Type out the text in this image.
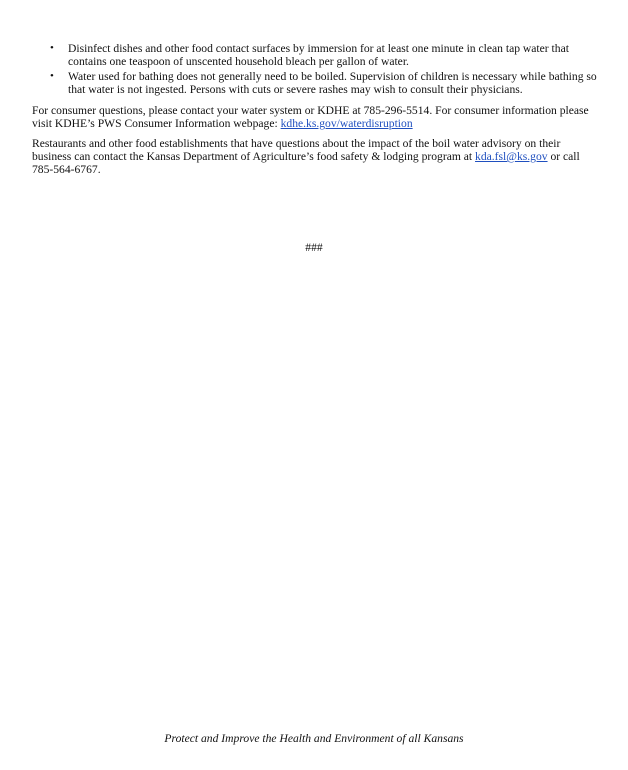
• Disinfect dishes and other food contact surfaces by immersion for at least one minute in clean tap water that contains one teaspoon of unscented household bleach per gallon of water.
• Water used for bathing does not generally need to be boiled. Supervision of children is necessary while bathing so that water is not ingested. Persons with cuts or severe rashes may wish to consult their physicians.

For consumer questions, please contact your water system or KDHE at 785-296-5514. For consumer information please visit KDHE’s PWS Consumer Information webpage: kdhe.ks.gov/waterdisruption

Restaurants and other food establishments that have questions about the impact of the boil water advisory on their business can contact the Kansas Department of Agriculture’s food safety & lodging program at kda.fsl@ks.gov or call 785-564-6767.

###
Protect and Improve the Health and Environment of all Kansans
